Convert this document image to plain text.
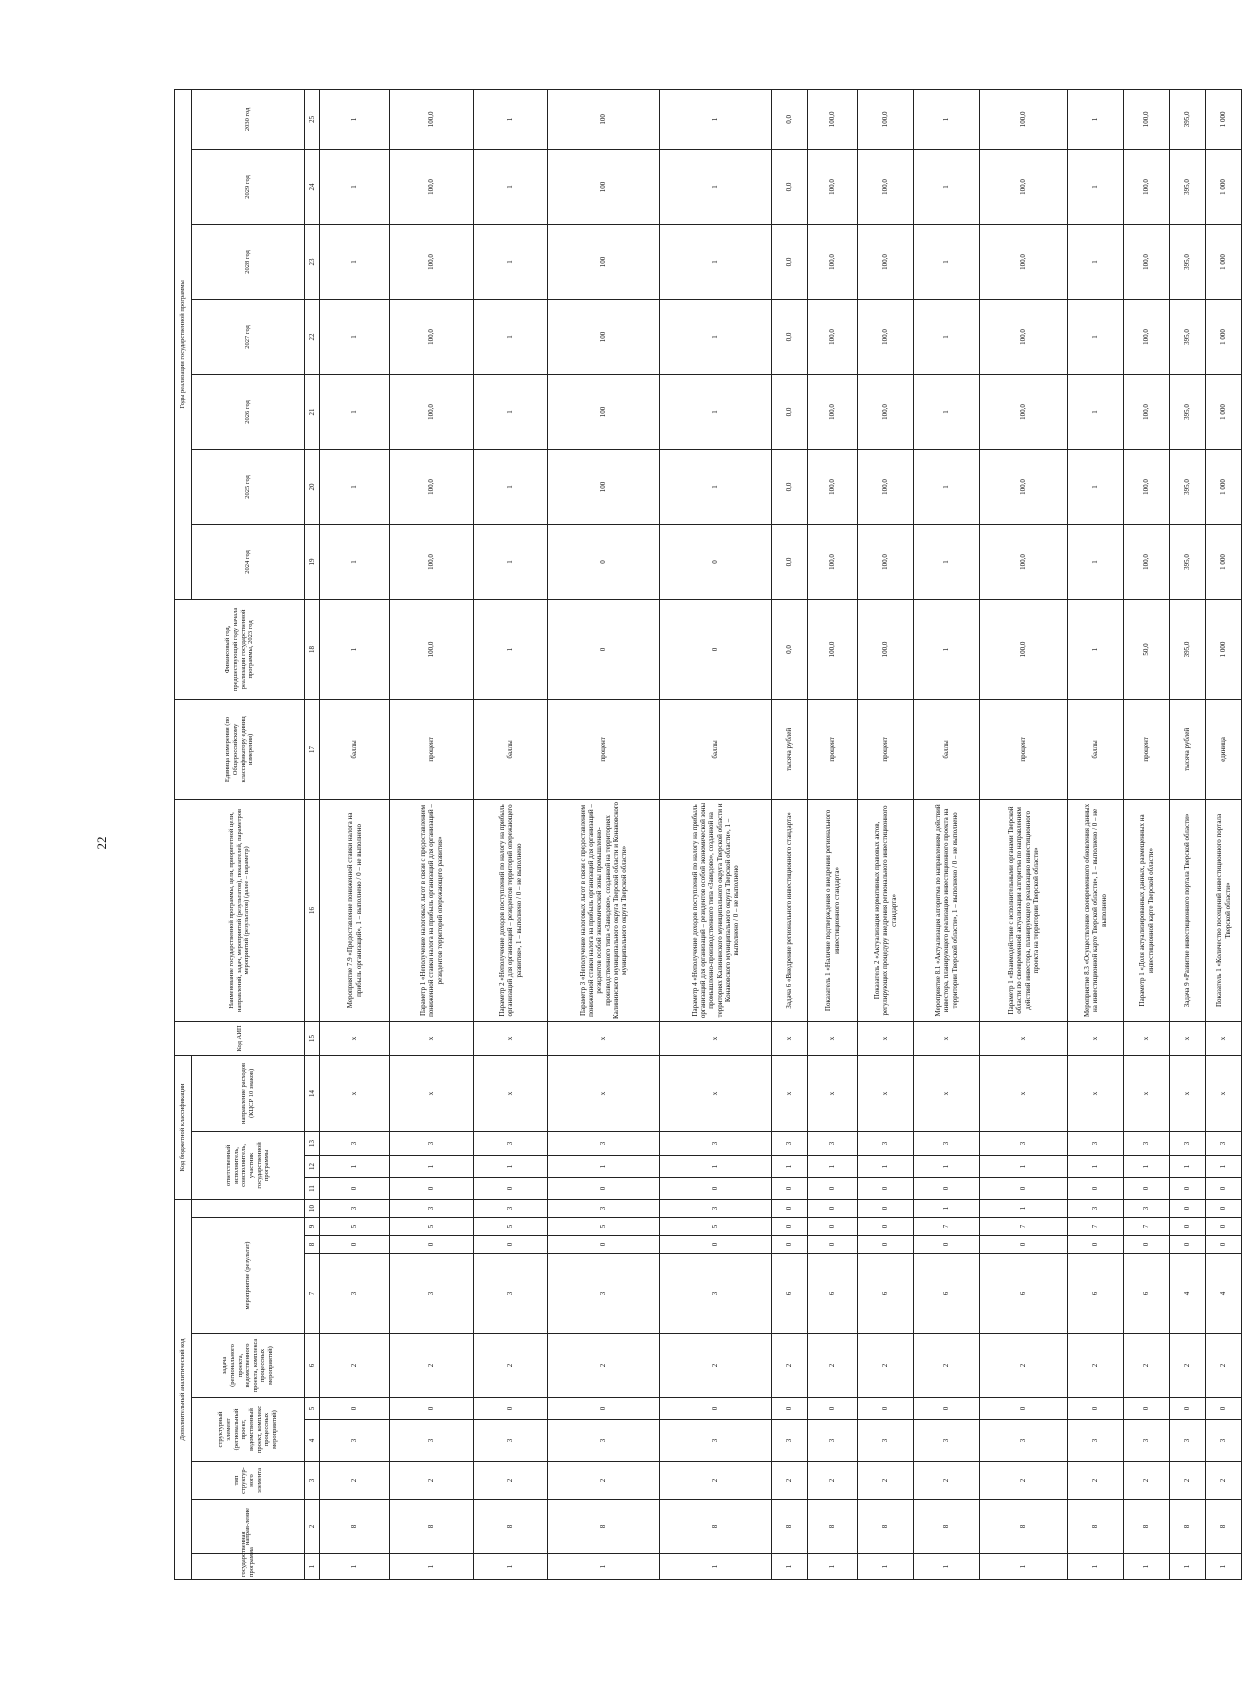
22
Дополнительный аналитический код										Код бюджетной классификации				Код АИП	Наименование государственной программы, цели, приоритетной цели, направлений, задач, мероприятий (результатов), показателей, параметров мероприятий (результатов) (далее – параметр)	Единица измерения (по Общероссийскому классификатору единиц измерения)	Финансовый год, предшествующий году начала реализации государственной программы, 2023 год	Годы реализации государственной программы						
государственная программа	направ-ление	тип структур-ного элемента	структурный элемент (региональный проект, ведомственный проект, комплекс процессных мероприятий)		задача (регионального проекта, ведомственного проекта, комплекса процессных мероприятий)	мероприятие (результат)				ответственный исполнитель, соисполнитель, участник государственной программы			направление расходов (КЦСР 10 знаков)					2024 год	2025 год	2026 год	2027 год	2028 год	2029 год	2030 год

1	2	3	4	5	6	7	8	9	10	11	12	13	14	15	16	17	18	19	20	21	22	23	24	25
1	8	2	3	0	2	3	0	5	3	0	1	3	х	х	Мероприятие 7.9 «Предоставление пониженной ставки налога на прибыль организаций», 1 – выполнено / 0 – не выполнено	баллы	1	1	1	1	1	1	1	1
1	8	2	3	0	2	3	0	5	3	0	1	3	х	х	Параметр 1 «Неполучение налоговых льгот в связи с предоставлением пониженной ставки налога на прибыль организаций для организаций – резидентов территорий опережающего развития»	процент	100,0	100,0	100,0	100,0	100,0	100,0	100,0	100,0
1	8	2	3	0	2	3	0	5	3	0	1	3	х	х	Параметр 2 «Неполучение доходов поступлений по налогу на прибыль организаций для организаций – резидентов территорий опережающего развития», 1 – выполнено / 0 – не выполнено	баллы	1	1	1	1	1	1	1	1
1	8	2	3	0	2	3	0	5	3	0	1	3	х	х	Параметр 3 «Неполучение налоговых льгот в связи с предоставлением пониженной ставки налога на прибыль организаций для организаций – резидентов особой экономической зоны промышленно-производственного типа «Завидово», созданной на территориях Калининского муниципального округа Тверской области и Конаковского муниципального округа Тверской области»	процент	0	0	100	100	100	100	100	100
1	8	2	3	0	2	3	0	5	3	0	1	3	х	х	Параметр 4 «Неполучение доходов поступлений по налогу на прибыль организаций для организаций – резидентов особой экономической зоны промышленно-производственного типа «Завидово», созданной на территориях Калининского муниципального округа Тверской области и Конаковского муниципального округа Тверской области», 1 – выполнено / 0 – не выполнено	баллы	0	0	1	1	1	1	1	1
1	8	2	3	0	2	6	0	0	0	0	1	3	х	х	Задача 6 «Внедрение регионального инвестиционного стандарта»	тысяча рублей	0,0	0,0	0,0	0,0	0,0	0,0	0,0	0,0
1	8	2	3	0	2	6	0	0	0	0	1	3	х	х	Показатель 1 «Наличие подтверждения о внедрении регионального инвестиционного стандарта»	процент	100,0	100,0	100,0	100,0	100,0	100,0	100,0	100,0
1	8	2	3	0	2	6	0	0	0	0	1	3	х	х	Показатель 2 «Актуализация нормативных правовых актов, регулирующих процедуру внедрения регионального инвестиционного стандарта»	процент	100,0	100,0	100,0	100,0	100,0	100,0	100,0	100,0
1	8	2	3	0	2	6	0	7	1	0	1	3	х	х	Мероприятие 8.1 «Актуализация алгоритма по направлениям действий инвестора, планирующего реализацию инвестиционного проекта на территории Тверской области», 1 – выполнено / 0 – не выполнено	баллы	1	1	1	1	1	1	1	1
1	8	2	3	0	2	6	0	7	1	0	1	3	х	х	Параметр 1 «Взаимодействие с исполнительными органами Тверской области по своевременной актуализации алгоритма по направлениям действий инвестора, планирующего реализацию инвестиционного проекта на территории Тверской области»	процент	100,0	100,0	100,0	100,0	100,0	100,0	100,0	100,0
1	8	2	3	0	2	6	0	7	3	0	1	3	х	х	Мероприятие 8.3 «Осуществление своевременного обновления данных на инвестиционной карте Тверской области», 1 – выполнено / 0 – не выполнено	баллы	1	1	1	1	1	1	1	1
1	8	2	3	0	2	6	0	7	3	0	1	3	х	х	Параметр 1 «Доля актуализированных данных, размещенных на инвестиционной карте Тверской области»	процент	50,0	100,0	100,0	100,0	100,0	100,0	100,0	100,0
1	8	2	3	0	2	4	0	0	0	0	1	3	х	х	Задача 9 «Развитие инвестиционного портала Тверской области»	тысяча рублей	395,0	395,0	395,0	395,0	395,0	395,0	395,0	395,0
1	8	2	3	0	2	4	0	0	0	0	1	3	х	х	Показатель 1 «Количество посещений инвестиционного портала Тверской области»	единица	1 000	1 000	1 000	1 000	1 000	1 000	1 000	1 000
